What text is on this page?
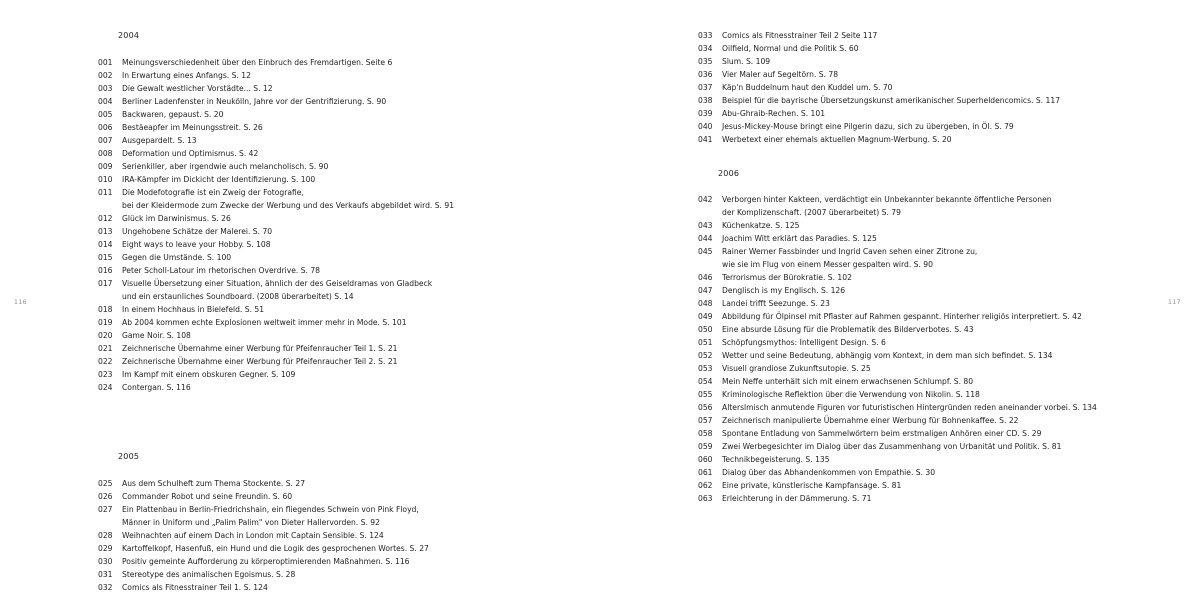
2004
001	Meinungsverschiedenheit über den Einbruch des Fremdartigen. Seite 6
002	In Erwartung eines Anfangs. S. 12
003	Die Gewalt westlicher Vorstädte... S. 12
004	Berliner Ladenfenster in Neukölln, Jahre vor der Gentrifizierung. S. 90
005	Backwaren, gepaust. S. 20
006	Bestäeapfer im Meinungsstreit. S. 26
007	Ausgepardelt. S. 13
008	Deformation und Optimismus. S. 42
009	Serienkiller, aber irgendwie auch melancholisch. S. 90
010	IRA-Kämpfer im Dickicht der Identifizierung. S. 100
011	Die Modefotografie ist ein Zweig der Fotografie,
bei der Kleidermode zum Zwecke der Werbung und des Verkaufs abgebildet wird. S. 91
012	Glück im Darwinismus. S. 26
013	Ungehobene Schätze der Malerei. S. 70
014	Eight ways to leave your Hobby. S. 108
015	Gegen die Umstände. S. 100
016	Peter Scholl-Latour im rhetorischen Overdrive. S. 78
017	Visuelle Übersetzung einer Situation, ähnlich der des Geiseldramas von Gladbeck
und ein erstaunliches Soundboard. (2008 überarbeitet) S. 14
018	In einem Hochhaus in Bielefeld. S. 51
019	Ab 2004 kommen echte Explosionen weltweit immer mehr in Mode. S. 101
020	Game Noir. S. 108
021	Zeichnerische Übernahme einer Werbung für Pfeifenraucher Teil 1. S. 21
022	Zeichnerische Übernahme einer Werbung für Pfeifenraucher Teil 2. S. 21
023	Im Kampf mit einem obskuren Gegner. S. 109
024	Contergan. S. 116
2005
025	Aus dem Schulheft zum Thema Stockente. S. 27
026	Commander Robot und seine Freundin. S. 60
027	Ein Plattenbau in Berlin-Friedrichshain, ein fliegendes Schwein von Pink Floyd,
Männer in Uniform und „Palim Palim" von Dieter Hallervorden. S. 92
028	Weihnachten auf einem Dach in London mit Captain Sensible. S. 124
029	Kartoffelkopf, Hasenfuß, ein Hund und die Logik des gesprochenen Wortes. S. 27
030	Positiv gemeinte Aufforderung zu körperoptimierenden Maßnahmen. S. 116
031	Stereotype des animalischen Egoismus. S. 28
032	Comics als Fitnesstrainer Teil 1. S. 124
116
033	Comics als Fitnesstrainer Teil 2 Seite 117
034	Oilfield, Normal und die Politik S. 60
035	Slum. S. 109
036	Vier Maler auf Segeltörn. S. 78
037	Käp'n Buddelnum haut den Kuddel um. S. 70
038	Beispiel für die bayrische Übersetzungskunst amerikanischer Superheldencomics. S. 117
039	Abu-Ghraib-Rechen. S. 101
040	Jesus-Mickey-Mouse bringt eine Pilgerin dazu, sich zu übergeben, in Öl. S. 79
041	Werbetext einer ehemals aktuellen Magnum-Werbung. S. 20
2006
042	Verborgen hinter Kakteen, verdächtigt ein Unbekannter bekannte öffentliche Personen
der Komplizenschaft. (2007 überarbeitet) S. 79
043	Küchenkatze. S. 125
044	Joachim Witt erklärt das Paradies. S. 125
045	Rainer Werner Fassbinder und Ingrid Caven sehen einer Zitrone zu,
wie sie im Flug von einem Messer gespalten wird. S. 90
046	Terrorismus der Bürokratie. S. 102
047	Denglisch is my Englisch. S. 126
048	Landei trifft Seezunge. S. 23
049	Abbildung für Ölpinsel mit Pflaster auf Rahmen gespannt. Hinterher religiös interpretiert. S. 42
050	Eine absurde Lösung für die Problematik des Bilderverbotes. S. 43
051	Schöpfungsmythos: Intelligent Design. S. 6
052	Wetter und seine Bedeutung, abhängig vom Kontext, in dem man sich befindet. S. 134
053	Visuell grandiose Zukunftsutopie. S. 25
054	Mein Neffe unterhält sich mit einem erwachsenen Schlumpf. S. 80
055	Kriminologische Reflektion über die Verwendung von Nikolin. S. 118
056	Alterslmisch anmutende Figuren vor futuristischen Hintergründen reden aneinander vorbei. S. 134
057	Zeichnerisch manipulierte Übernahme einer Werbung für Bohnenkaffee. S. 22
058	Spontane Entladung von Sammelwörtern beim erstmaligen Anhören einer CD. S. 29
059	Zwei Werbegesichter im Dialog über das Zusammenhang von Urbanität und Politik. S. 81
060	Technikbegeisterung. S. 135
061	Dialog über das Abhandenkommen von Empathie. S. 30
062	Eine private, künstlerische Kampfansage. S. 81
063	Erleichterung in der Dämmerung. S. 71
117
